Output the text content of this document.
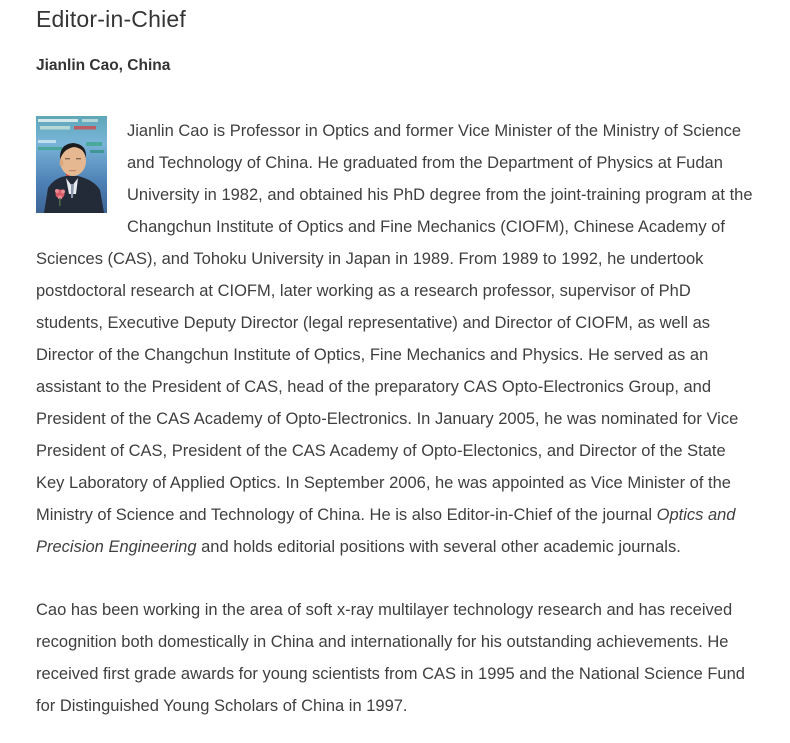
Editor-in-Chief
Jianlin Cao, China

Jianlin Cao is Professor in Optics and former Vice Minister of the Ministry of Science and Technology of China. He graduated from the Department of Physics at Fudan University in 1982, and obtained his PhD degree from the joint-training program at the Changchun Institute of Optics and Fine Mechanics (CIOFM), Chinese Academy of Sciences (CAS), and Tohoku University in Japan in 1989. From 1989 to 1992, he undertook postdoctoral research at CIOFM, later working as a research professor, supervisor of PhD students, Executive Deputy Director (legal representative) and Director of CIOFM, as well as Director of the Changchun Institute of Optics, Fine Mechanics and Physics. He served as an assistant to the President of CAS, head of the preparatory CAS Opto-Electronics Group, and President of the CAS Academy of Opto-Electronics. In January 2005, he was nominated for Vice President of CAS, President of the CAS Academy of Opto-Electonics, and Director of the State Key Laboratory of Applied Optics. In September 2006, he was appointed as Vice Minister of the Ministry of Science and Technology of China. He is also Editor-in-Chief of the journal Optics and Precision Engineering and holds editorial positions with several other academic journals.

Cao has been working in the area of soft x-ray multilayer technology research and has received recognition both domestically in China and internationally for his outstanding achievements. He received first grade awards for young scientists from CAS in 1995 and the National Science Fund for Distinguished Young Scholars of China in 1997.
